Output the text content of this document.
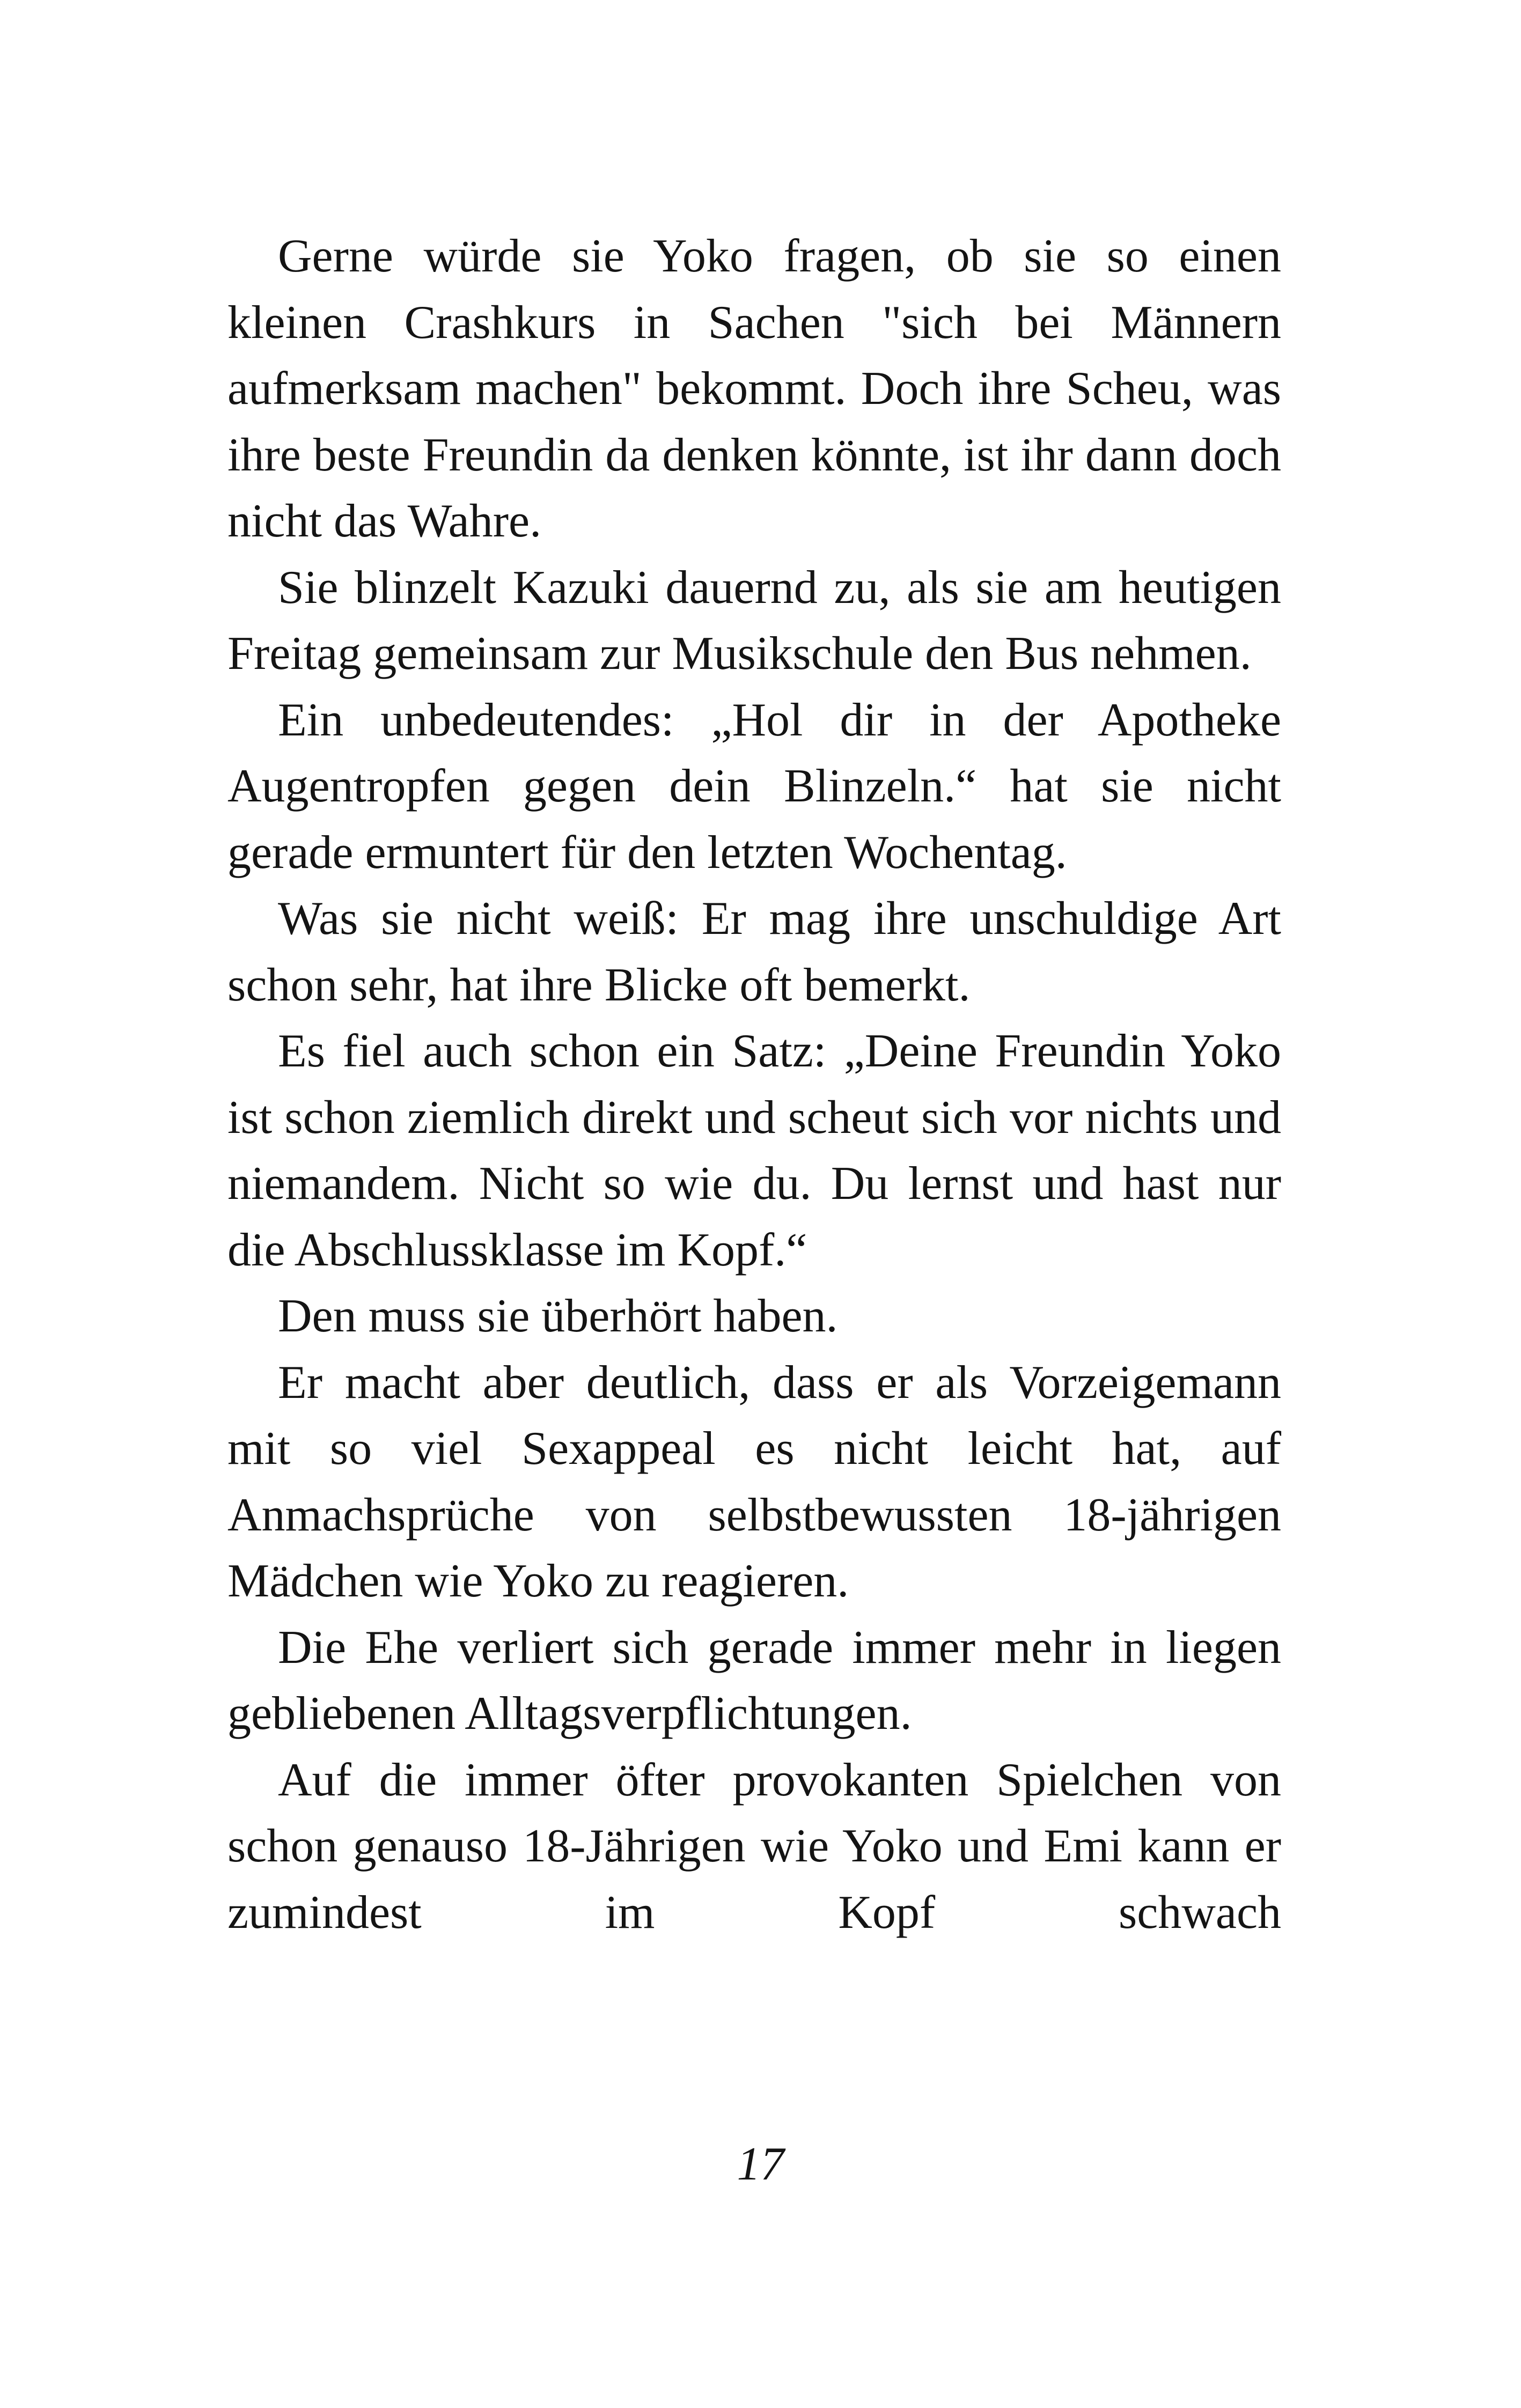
Gerne würde sie Yoko fragen, ob sie so einen kleinen Crashkurs in Sachen "sich bei Männern aufmerksam machen" bekommt. Doch ihre Scheu, was ihre beste Freundin da denken könnte, ist ihr dann doch nicht das Wahre.

Sie blinzelt Kazuki dauernd zu, als sie am heutigen Freitag gemeinsam zur Musikschule den Bus nehmen.

Ein unbedeutendes: „Hol dir in der Apotheke Augentropfen gegen dein Blinzeln.“ hat sie nicht gerade ermuntert für den letzten Wochentag.

Was sie nicht weiß: Er mag ihre unschuldige Art schon sehr, hat ihre Blicke oft bemerkt.

Es fiel auch schon ein Satz: „Deine Freundin Yoko ist schon ziemlich direkt und scheut sich vor nichts und niemandem. Nicht so wie du. Du lernst und hast nur die Abschlussklasse im Kopf.“

Den muss sie überhört haben.

Er macht aber deutlich, dass er als Vorzeigemann mit so viel Sexappeal es nicht leicht hat, auf Anmachsprüche von selbstbewussten 18-jährigen Mädchen wie Yoko zu reagieren.

Die Ehe verliert sich gerade immer mehr in liegen gebliebenen Alltagsverpflichtungen.

Auf die immer öfter provokanten Spielchen von schon genauso 18-Jährigen wie Yoko und Emi kann er zumindest im Kopf schwach

17
